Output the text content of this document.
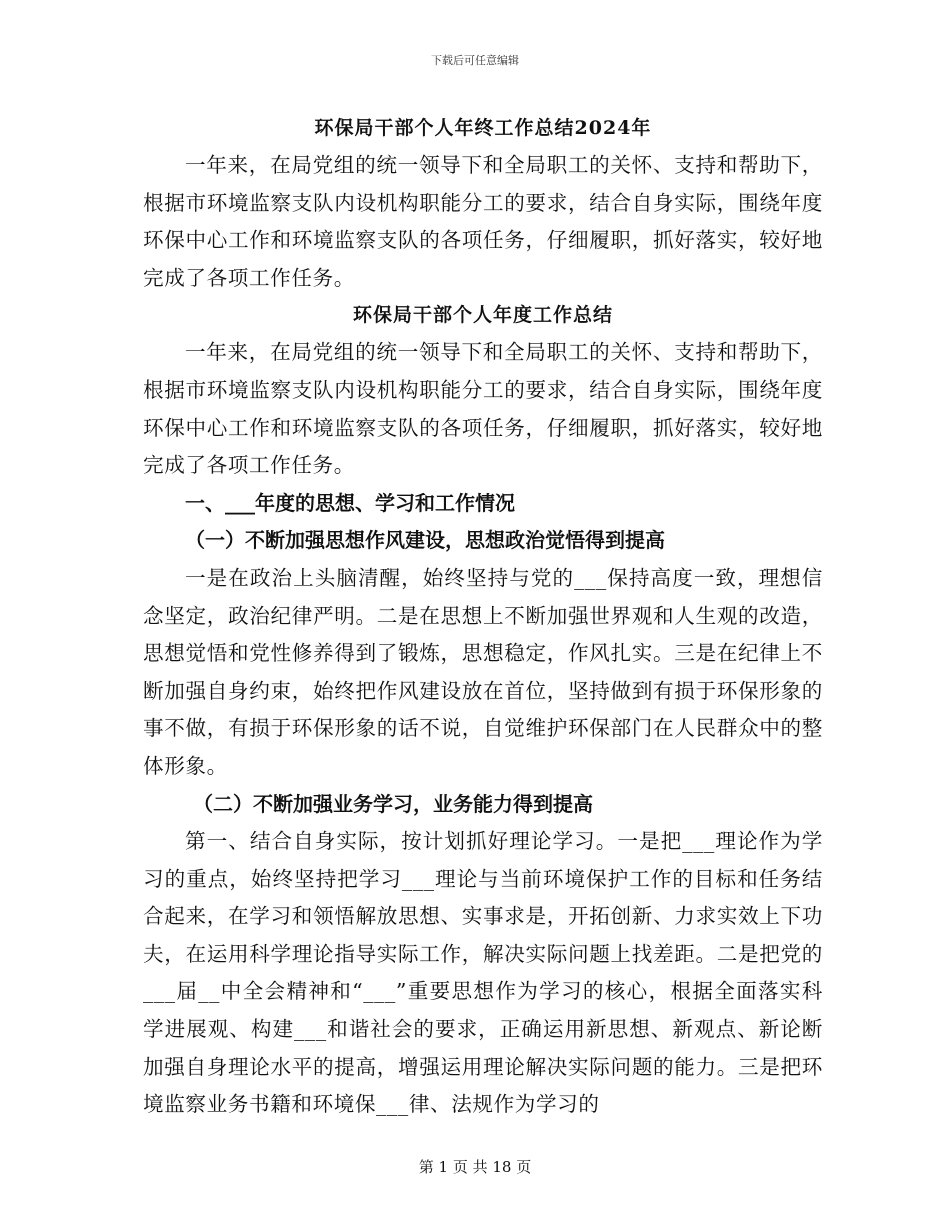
下载后可任意编辑

环保局干部个人年终工作总结2024年

一年来，在局党组的统一领导下和全局职工的关怀、支持和帮助下，根据市环境监察支队内设机构职能分工的要求，结合自身实际，围绕年度环保中心工作和环境监察支队的各项任务，仔细履职，抓好落实，较好地完成了各项工作任务。

环保局干部个人年度工作总结

一年来，在局党组的统一领导下和全局职工的关怀、支持和帮助下，根据市环境监察支队内设机构职能分工的要求，结合自身实际，围绕年度环保中心工作和环境监察支队的各项任务，仔细履职，抓好落实，较好地完成了各项工作任务。

一、___年度的思想、学习和工作情况

（一）不断加强思想作风建设，思想政治觉悟得到提高

一是在政治上头脑清醒，始终坚持与党的___保持高度一致，理想信念坚定，政治纪律严明。二是在思想上不断加强世界观和人生观的改造，思想觉悟和党性修养得到了锻炼，思想稳定，作风扎实。三是在纪律上不断加强自身约束，始终把作风建设放在首位，坚持做到有损于环保形象的事不做，有损于环保形象的话不说，自觉维护环保部门在人民群众中的整体形象。

（二）不断加强业务学习，业务能力得到提高

第一、结合自身实际，按计划抓好理论学习。一是把___理论作为学习的重点，始终坚持把学习___理论与当前环境保护工作的目标和任务结合起来，在学习和领悟解放思想、实事求是，开拓创新、力求实效上下功夫，在运用科学理论指导实际工作，解决实际问题上找差距。二是把党的___届__中全会精神和“___”重要思想作为学习的核心，根据全面落实科学进展观、构建___和谐社会的要求，正确运用新思想、新观点、新论断加强自身理论水平的提高，增强运用理论解决实际问题的能力。三是把环境监察业务书籍和环境保___律、法规作为学习的

第 1 页 共 18 页
